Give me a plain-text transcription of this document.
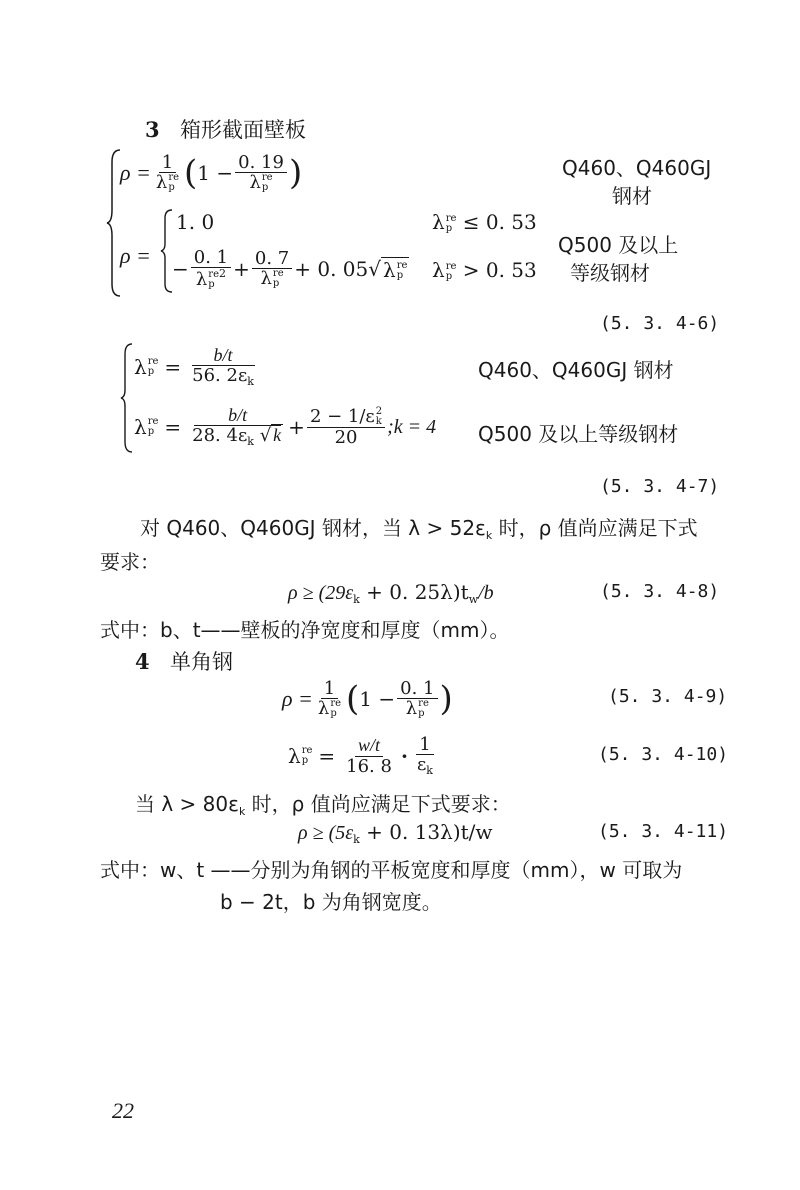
3 箱形截面壁板
ρ = 1
λ re
p ( 1 − 0. 19
λ re
p )	Q460、Q460GJ
钢材
ρ =
1. 0	λ re
p ≤ 0. 53
− 0. 1
λ re
p
$^2$ + 0. 7
λ re
p + 0. 05 √ λ re
p λ re
p > 0. 53
Q500 及以上
等级钢材
(5. 3. 4-6)
λ re
$p = \frac{b/t}{56. 2\varepsilon_k}$	Q460、Q460GJ 钢材
λ re
$p = \frac{b/t}{28. 4\varepsilon_k √ k} + 2 - 1/\varepsilon$ 2
k
20 ;k = 4 Q500 及以上等级钢材
(5. 3. 4-7)
对 Q460、Q460GJ 钢材，当 $\lambda > 52\varepsilon_k$ 时，ρ 值尚应满足下式
要求：
$\rho \ge (29\varepsilon_k + 0$. $25\lambda)t_w/b$	(5. 3. 4-8)
式中：b、t——壁板的净宽度和厚度（mm）。
4 单角钢
ρ = 1
λ re
p ( 1 − 0. 1
λ re
p )	(5. 3. 4-9)
λ re
$p = \frac{w/t}{16. 8} \cdot \frac{1}{\varepsilon_k}$	(5. 3. 4-10)
当 $\lambda > 80\varepsilon_k$ 时，ρ 值尚应满足下式要求：
$\rho \ge (5\varepsilon_k + 0$. 13λ)t/w	(5. 3. 4-11)
式中：w、t ——分别为角钢的平板宽度和厚度（mm），w 可取为
b − 2t，b 为角钢宽度。
22
